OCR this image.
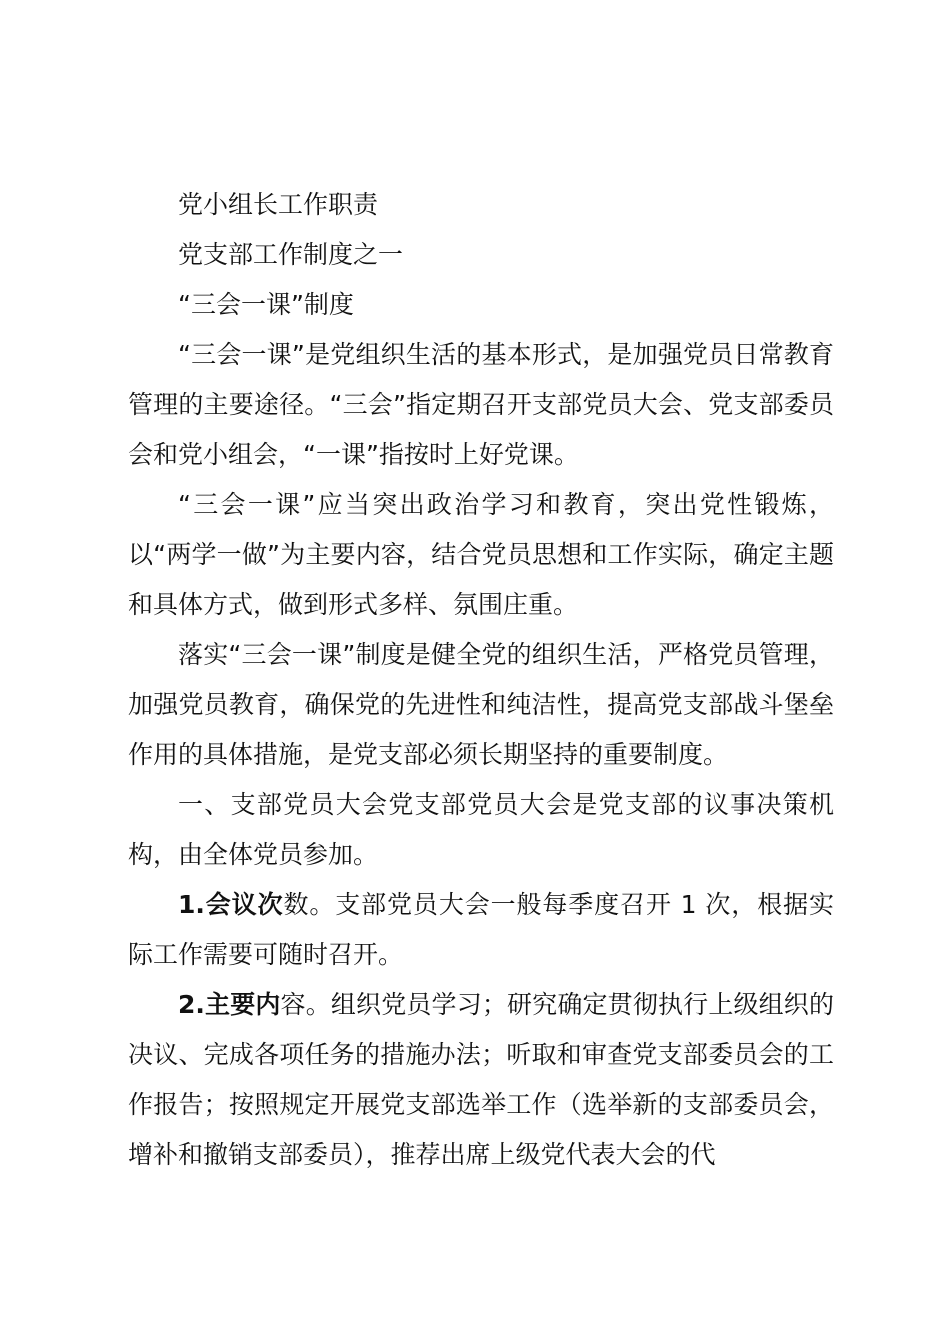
党小组长工作职责

党支部工作制度之一

“三会一课”制度

“三会一课”是党组织生活的基本形式，是加强党员日常教育管理的主要途径。“三会”指定期召开支部党员大会、党支部委员会和党小组会，“一课”指按时上好党课。

“三会一课”应当突出政治学习和教育，突出党性锻炼，以“两学一做”为主要内容，结合党员思想和工作实际，确定主题和具体方式，做到形式多样、氛围庄重。

落实“三会一课”制度是健全党的组织生活，严格党员管理，加强党员教育，确保党的先进性和纯洁性，提高党支部战斗堡垒作用的具体措施，是党支部必须长期坚持的重要制度。

一、支部党员大会党支部党员大会是党支部的议事决策机构，由全体党员参加。

1.会议次数。支部党员大会一般每季度召开 1 次，根据实际工作需要可随时召开。

2.主要内容。组织党员学习；研究确定贯彻执行上级组织的决议、完成各项任务的措施办法；听取和审查党支部委员会的工作报告；按照规定开展党支部选举工作（选举新的支部委员会，增补和撤销支部委员），推荐出席上级党代表大会的代
